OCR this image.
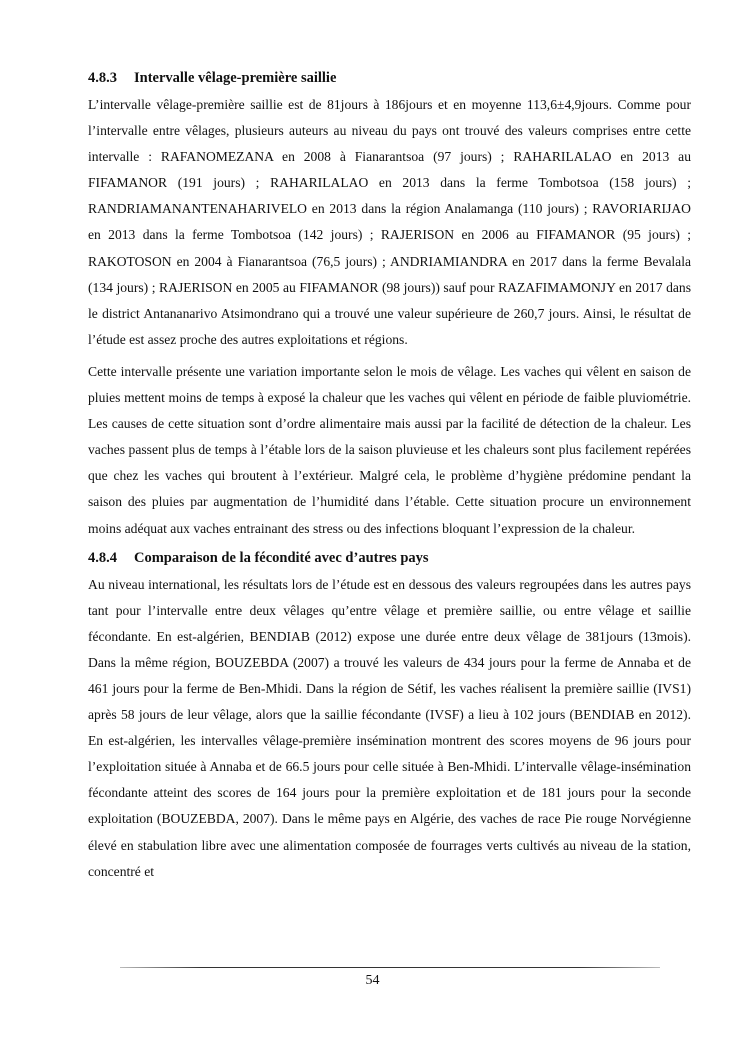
4.8.3 Intervalle vêlage-première saillie

L’intervalle vêlage-première saillie est de 81jours à 186jours et en moyenne 113,6±4,9jours. Comme pour l’intervalle entre vêlages, plusieurs auteurs au niveau du pays ont trouvé des valeurs comprises entre cette intervalle : RAFANOMEZANA en 2008 à Fianarantsoa (97 jours) ; RAHARILALAO en 2013 au FIFAMANOR (191 jours) ; RAHARILALAO en 2013 dans la ferme Tombotsoa (158 jours) ; RANDRIAMANANTENAHARIVELO en 2013 dans la région Analamanga (110 jours) ; RAVORIARIJAO en 2013 dans la ferme Tombotsoa (142 jours) ; RAJERISON en 2006 au FIFAMANOR (95 jours) ; RAKOTOSON en 2004 à Fianarantsoa (76,5 jours) ; ANDRIAMIANDRA en 2017 dans la ferme Bevalala (134 jours) ; RAJERISON en 2005 au FIFAMANOR (98 jours)) sauf pour RAZAFIMAMONJY en 2017 dans le district Antananarivo Atsimondrano qui a trouvé une valeur supérieure de 260,7 jours. Ainsi, le résultat de l’étude est assez proche des autres exploitations et régions.

Cette intervalle présente une variation importante selon le mois de vêlage. Les vaches qui vêlent en saison de pluies mettent moins de temps à exposé la chaleur que les vaches qui vêlent en période de faible pluviométrie. Les causes de cette situation sont d’ordre alimentaire mais aussi par la facilité de détection de la chaleur. Les vaches passent plus de temps à l’étable lors de la saison pluvieuse et les chaleurs sont plus facilement repérées que chez les vaches qui broutent à l’extérieur. Malgré cela, le problème d’hygiène prédomine pendant la saison des pluies par augmentation de l’humidité dans l’étable. Cette situation procure un environnement moins adéquat aux vaches entrainant des stress ou des infections bloquant l’expression de la chaleur.

4.8.4 Comparaison de la fécondité avec d’autres pays

Au niveau international, les résultats lors de l’étude est en dessous des valeurs regroupées dans les autres pays tant pour l’intervalle entre deux vêlages qu’entre vêlage et première saillie, ou entre vêlage et saillie fécondante. En est-algérien, BENDIAB (2012) expose une durée entre deux vêlage de 381jours (13mois). Dans la même région, BOUZEBDA (2007) a trouvé les valeurs de 434 jours pour la ferme de Annaba et de 461 jours pour la ferme de Ben-Mhidi. Dans la région de Sétif, les vaches réalisent la première saillie (IVS1) après 58 jours de leur vêlage, alors que la saillie fécondante (IVSF) a lieu à 102 jours (BENDIAB en 2012). En est-algérien, les intervalles vêlage-première insémination montrent des scores moyens de 96 jours pour l’exploitation située à Annaba et de 66.5 jours pour celle située à Ben-Mhidi. L’intervalle vêlage-insémination fécondante atteint des scores de 164 jours pour la première exploitation et de 181 jours pour la seconde exploitation (BOUZEBDA, 2007). Dans le même pays en Algérie, des vaches de race Pie rouge Norvégienne élevé en stabulation libre avec une alimentation composée de fourrages verts cultivés au niveau de la station, concentré et

54
